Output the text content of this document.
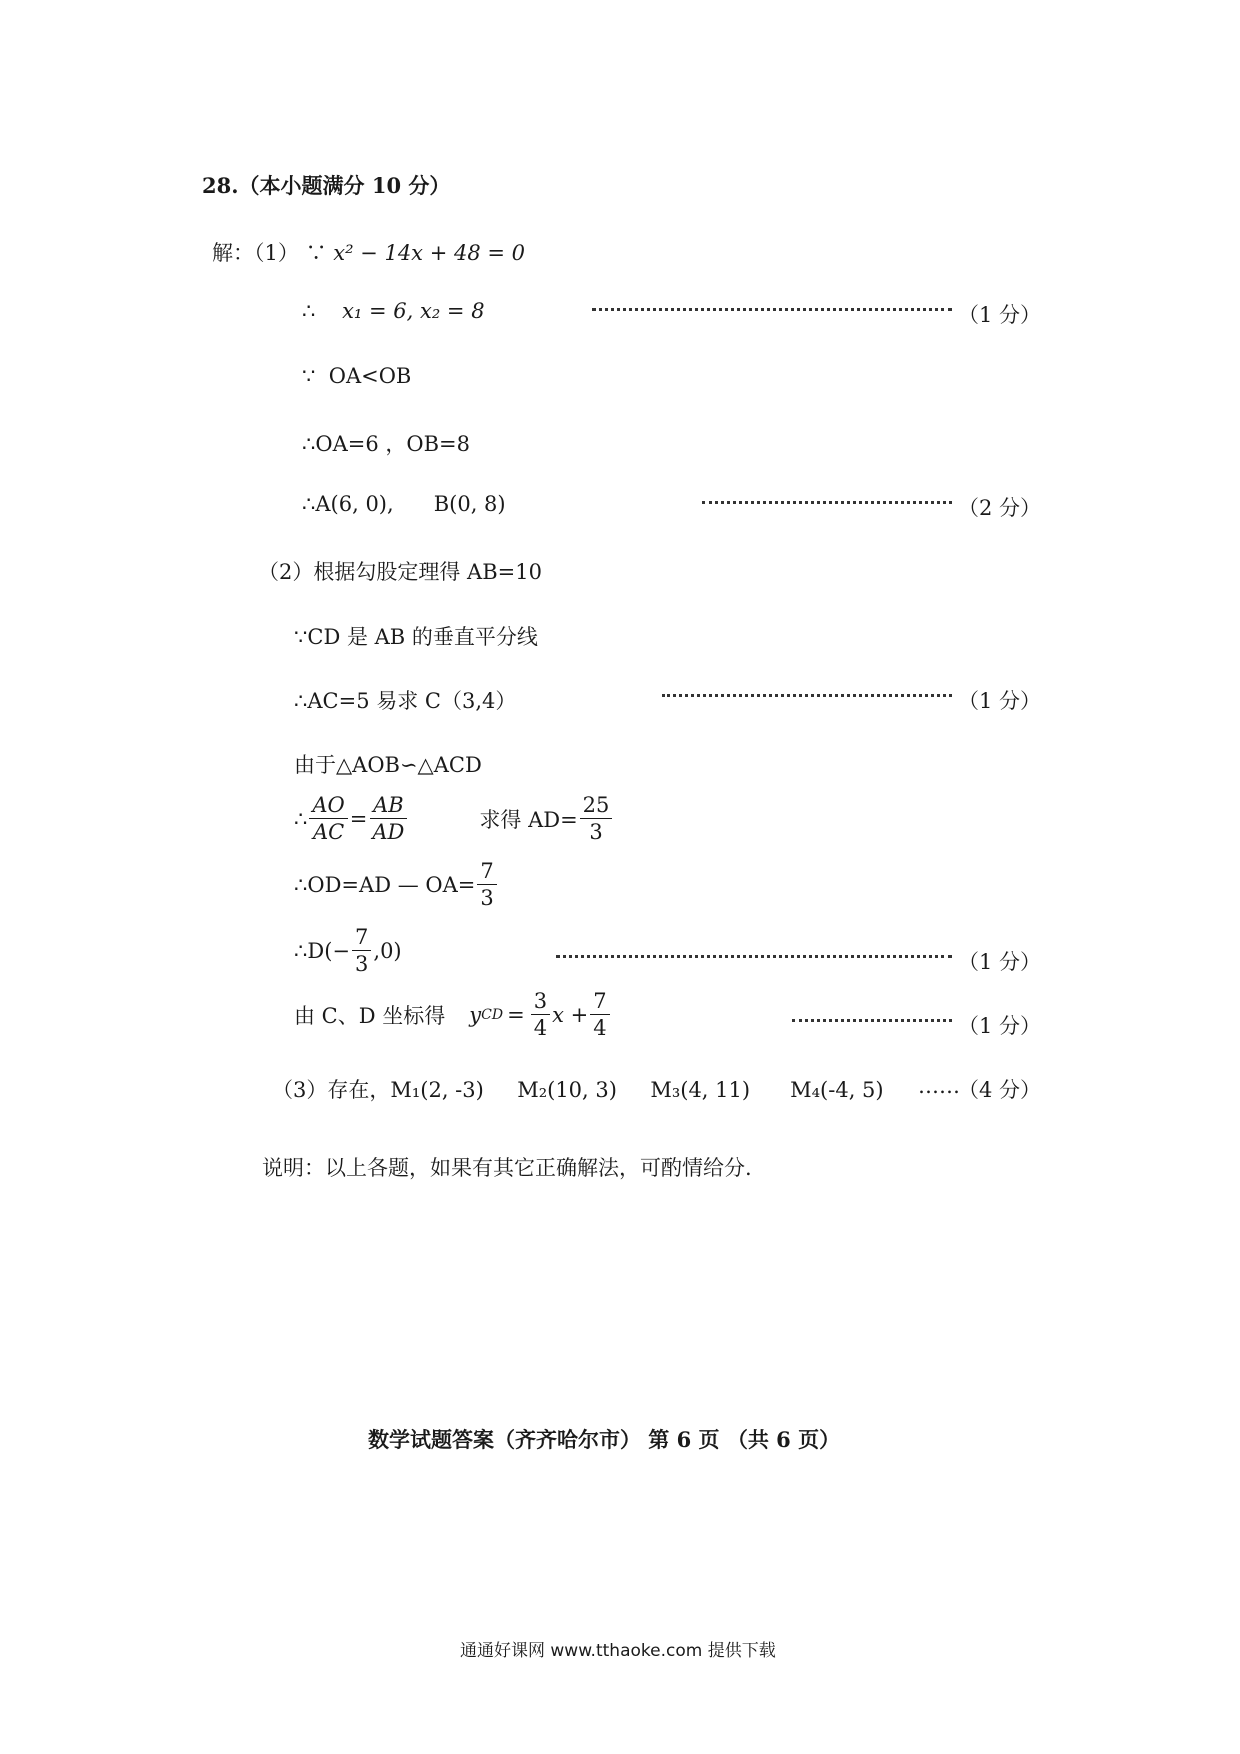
28.（本小题满分 10 分）
解：（1） ∵ x² − 14x + 48 = 0
∴ x₁ = 6, x₂ = 8	（1 分）
∵ OA<OB
∴OA=6 ，OB=8
∴A(6, 0),      B(0, 8)	（2 分）
（2）根据勾股定理得 AB=10
∵CD 是 AB 的垂直平分线
∴AC=5 易求 C（3,4）	（1 分）
由于△AOB∽△ACD
∴ $\frac{AO}{AC} = \frac{AB}{AD}$	求得 $AD= \frac{25}{3}$
∴ OD=AD — $OA= \frac{7}{3}$
∴ $D(- \frac{7}{3} ,0)$	（1 分）
由 C、D 坐标得 y CD = $\frac{3}{4}$ $x + \frac{7}{4}$	（1 分）
（3）存在，M₁(2, -3)     M₂(10, 3)     M₃(4, 11)      M₄(-4, 5) ……
（4 分）
说明：以上各题，如果有其它正确解法，可酌情给分.
数学试题答案（齐齐哈尔市） 第 6 页 （共 6 页）
通通好课网 www.tthaoke.com 提供下载
